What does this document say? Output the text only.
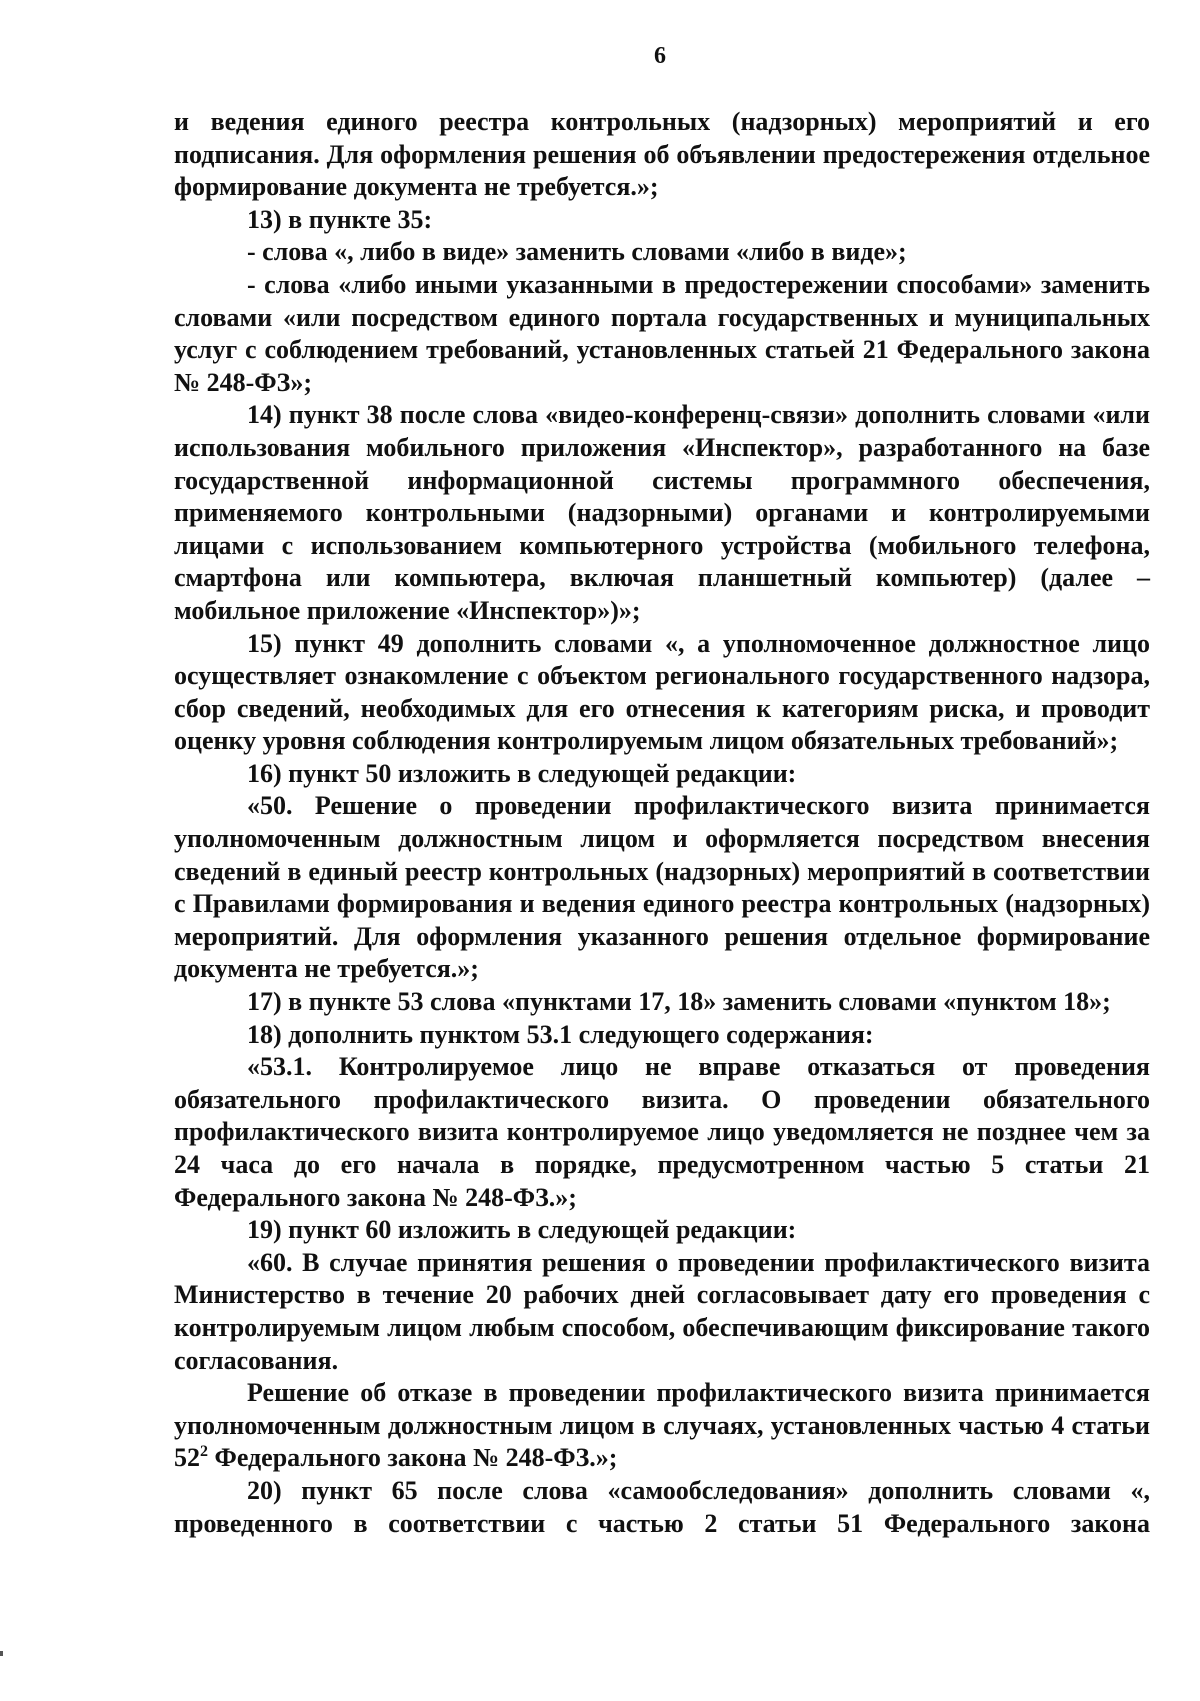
6

и ведения единого реестра контрольных (надзорных) мероприятий и его подписания. Для оформления решения об объявлении предостережения отдельное формирование документа не требуется.»;

13) в пункте 35:

- слова «, либо в виде» заменить словами «либо в виде»;

- слова «либо иными указанными в предостережении способами» заменить словами «или посредством единого портала государственных и муниципальных услуг с соблюдением требований, установленных статьей 21 Федерального закона № 248-ФЗ»;

14) пункт 38 после слова «видео-конференц-связи» дополнить словами «или использования мобильного приложения «Инспектор», разработанного на базе государственной информационной системы программного обеспечения, применяемого контрольными (надзорными) органами и контролируемыми лицами с использованием компьютерного устройства (мобильного телефона, смартфона или компьютера, включая планшетный компьютер) (далее – мобильное приложение «Инспектор»)»;

15) пункт 49 дополнить словами «, а уполномоченное должностное лицо осуществляет ознакомление с объектом регионального государственного надзора, сбор сведений, необходимых для его отнесения к категориям риска, и проводит оценку уровня соблюдения контролируемым лицом обязательных требований»;

16) пункт 50 изложить в следующей редакции:

«50. Решение о проведении профилактического визита принимается уполномоченным должностным лицом и оформляется посредством внесения сведений в единый реестр контрольных (надзорных) мероприятий в соответствии с Правилами формирования и ведения единого реестра контрольных (надзорных) мероприятий. Для оформления указанного решения отдельное формирование документа не требуется.»;

17) в пункте 53 слова «пунктами 17, 18» заменить словами «пунктом 18»;

18) дополнить пунктом 53.1 следующего содержания:

«53.1. Контролируемое лицо не вправе отказаться от проведения обязательного профилактического визита. О проведении обязательного профилактического визита контролируемое лицо уведомляется не позднее чем за 24 часа до его начала в порядке, предусмотренном частью 5 статьи 21 Федерального закона № 248-ФЗ.»;

19) пункт 60 изложить в следующей редакции:

«60. В случае принятия решения о проведении профилактического визита Министерство в течение 20 рабочих дней согласовывает дату его проведения с контролируемым лицом любым способом, обеспечивающим фиксирование такого согласования.

Решение об отказе в проведении профилактического визита принимается уполномоченным должностным лицом в случаях, установленных частью 4 статьи $52^2$ Федерального закона № 248-ФЗ.»;

20) пункт 65 после слова «самообследования» дополнить словами «, проведенного в соответствии с частью 2 статьи 51 Федерального закона
